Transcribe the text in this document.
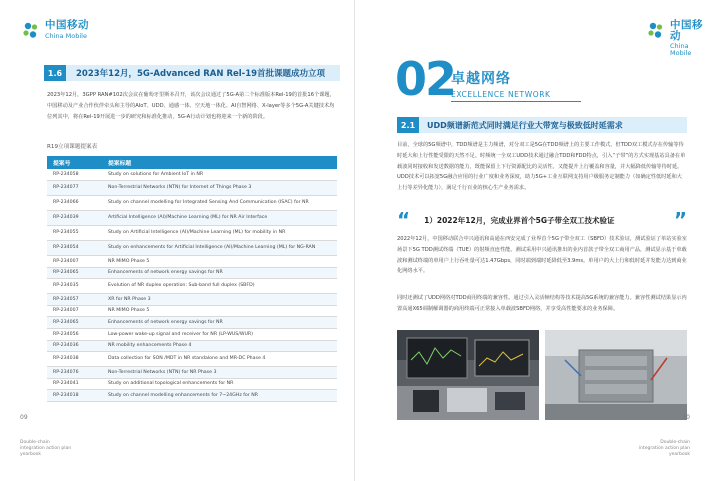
中国移动
China Mobile
1.6	2023年12月，5G-Advanced RAN Rel-19首批课题成功立项

2023年12月，3GPP RAN#102次会议在葡萄牙里斯本召开，该次会议通过了5G-A第二个标准版本Rel-19的首批16个课题，中国移动及产业合作伙伴牵头和主导的AIoT、UDD、通感一体、空天地一体化、AI自智网络、X-layer等多个5G-A关键技术均位列其中，将在Rel-19开展进一步的研究和标准化推动，5G-A行动计划也将迎来一个新的阶段。

R19立项课题提案表
提案号	提案标题
RP-234058	Study on solutions for Ambient IoT in NR
RP-234077	Non-Terrestrial Networks (NTN) for Internet of Things Phase 3
RP-234066	Study on channel modelling for Integrated Sensing And Communication (ISAC) for NR
RP-234039	Artificial Intelligence (AI)/Machine Learning (ML) for NR Air Interface
RP-234055	Study on Artificial Intelligence (AI)/Machine Learning (ML) for mobility in NR
RP-234054	Study on enhancements for Artificial Intelligence (AI)/Machine Learning (ML) for NG-RAN
RP-234007	NR MIMO Phase 5
RP-234065	Enhancements of network energy savings for NR
RP-234035	Evolution of NR duplex operation: Sub-band full duplex (SBFD)
RP-234057	XR for NR Phase 3
RP-234007	NR MIMO Phase 5
RP-234065	Enhancements of network energy savings for NR
RP-234056	Low-power wake-up signal and receiver for NR (LP-WUS/WUR)
RP-234036	NR mobility enhancements Phase 4
RP-234038	Data collection for SON /MDT in NR standalone and MR-DC Phase 4
RP-234076	Non-Terrestrial Networks (NTN) for NR Phase 3
RP-234041	Study on additional topological enhancements for NR
RP-234018	Study on channel modelling enhancements for 7~24GHz for NR
09
Double-chain
integration action plan
yearbook
中国移动
China Mobile
02
卓越网络
EXCELLENCE NETWORK
2.1	UDD频谱新范式同时满足行业大带宽与极致低时延需求

目前，全球的5G频谱中，TDD频谱是主力频谱，对分双工是5G在TDD频谱上的主要工作模式。但TDD双工模式存在传输等待时延大和上行性能受限的天然不足。时频统一全双工UDD技术通过融合TDD和FDD特点，引入“子带”的方式实现基站具备在单载波同时接收和发送数据的能力，既能保留上下行资源配比的灵活性，又能提升上行覆盖和容量，并大幅降低传输等待时延。UDD技术可以拓宽5G融合应用的行业广度和业务深度，助力5G+工业互联网支持用户级服务定制能力（如确定性低时延和大上行等差异化能力），满足千行百业的核心生产业务需求。

“	1）2022年12月，完成业界首个5G子带全双工技术验证	”

2022年12月，中国移动联合中兴通讯和高通在西安完成了业界首个5G子带全双工（SBFD）技术验证，测试验证了单站实验室场景下5G TDD测试终端（TUE）的射频直连性能。测试采用中兴通讯推出的业内首款子带全双工商用产品，测试显示基于单载波和测试终端的单用户上行吞吐量可达1.47Gbps，同时端到端时延降低至3.9ms。单用户的大上行和低时延并发能力达到商业化网络水平。

同时还测试了UDD网络对TDD商用终端的兼容性。通过引入灵活帧结构等技术提高5G系统的兼容能力。兼容性测试结果显示内置高通X65调制解调器的商用终端可正常接入单载波SBFD网络，并享受高性能要求的业务保障。

10
Double-chain
integration action plan
yearbook
